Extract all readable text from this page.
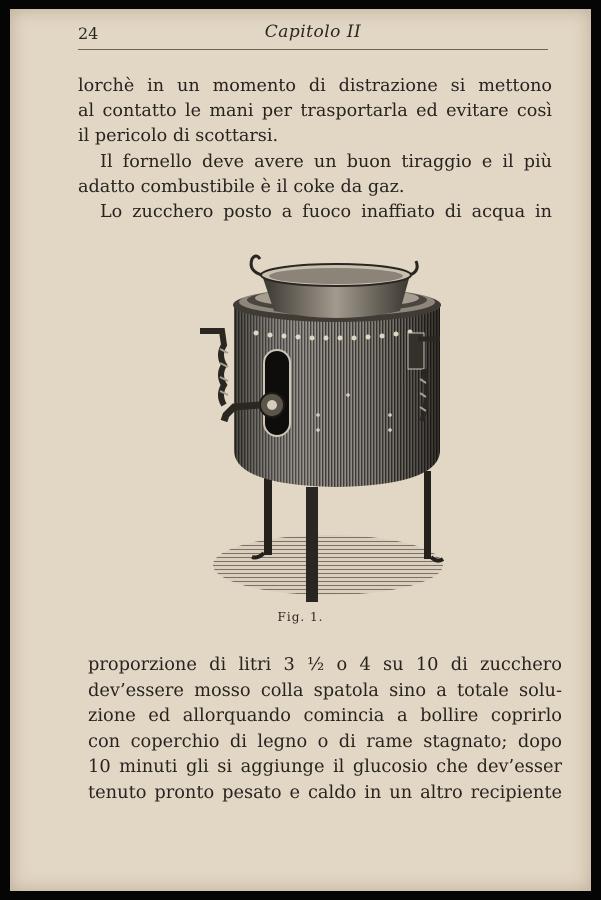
24	Capitolo II
lorchè in un momento di distrazione si mettono
al contatto le mani per trasportarla ed evitare così
il pericolo di scottarsi.
Il fornello deve avere un buon tiraggio e il più
adatto combustibile è il coke da gaz.
Lo zucchero posto a fuoco inaffiato di acqua in
Fig. 1.
proporzione di litri 3 ½ o 4 su 10 di zucchero
dev’essere mosso colla spatola sino a totale solu-
zione ed allorquando comincia a bollire coprirlo
con coperchio di legno o di rame stagnato; dopo
10 minuti gli si aggiunge il glucosio che dev’esser
tenuto pronto pesato e caldo in un altro recipiente
